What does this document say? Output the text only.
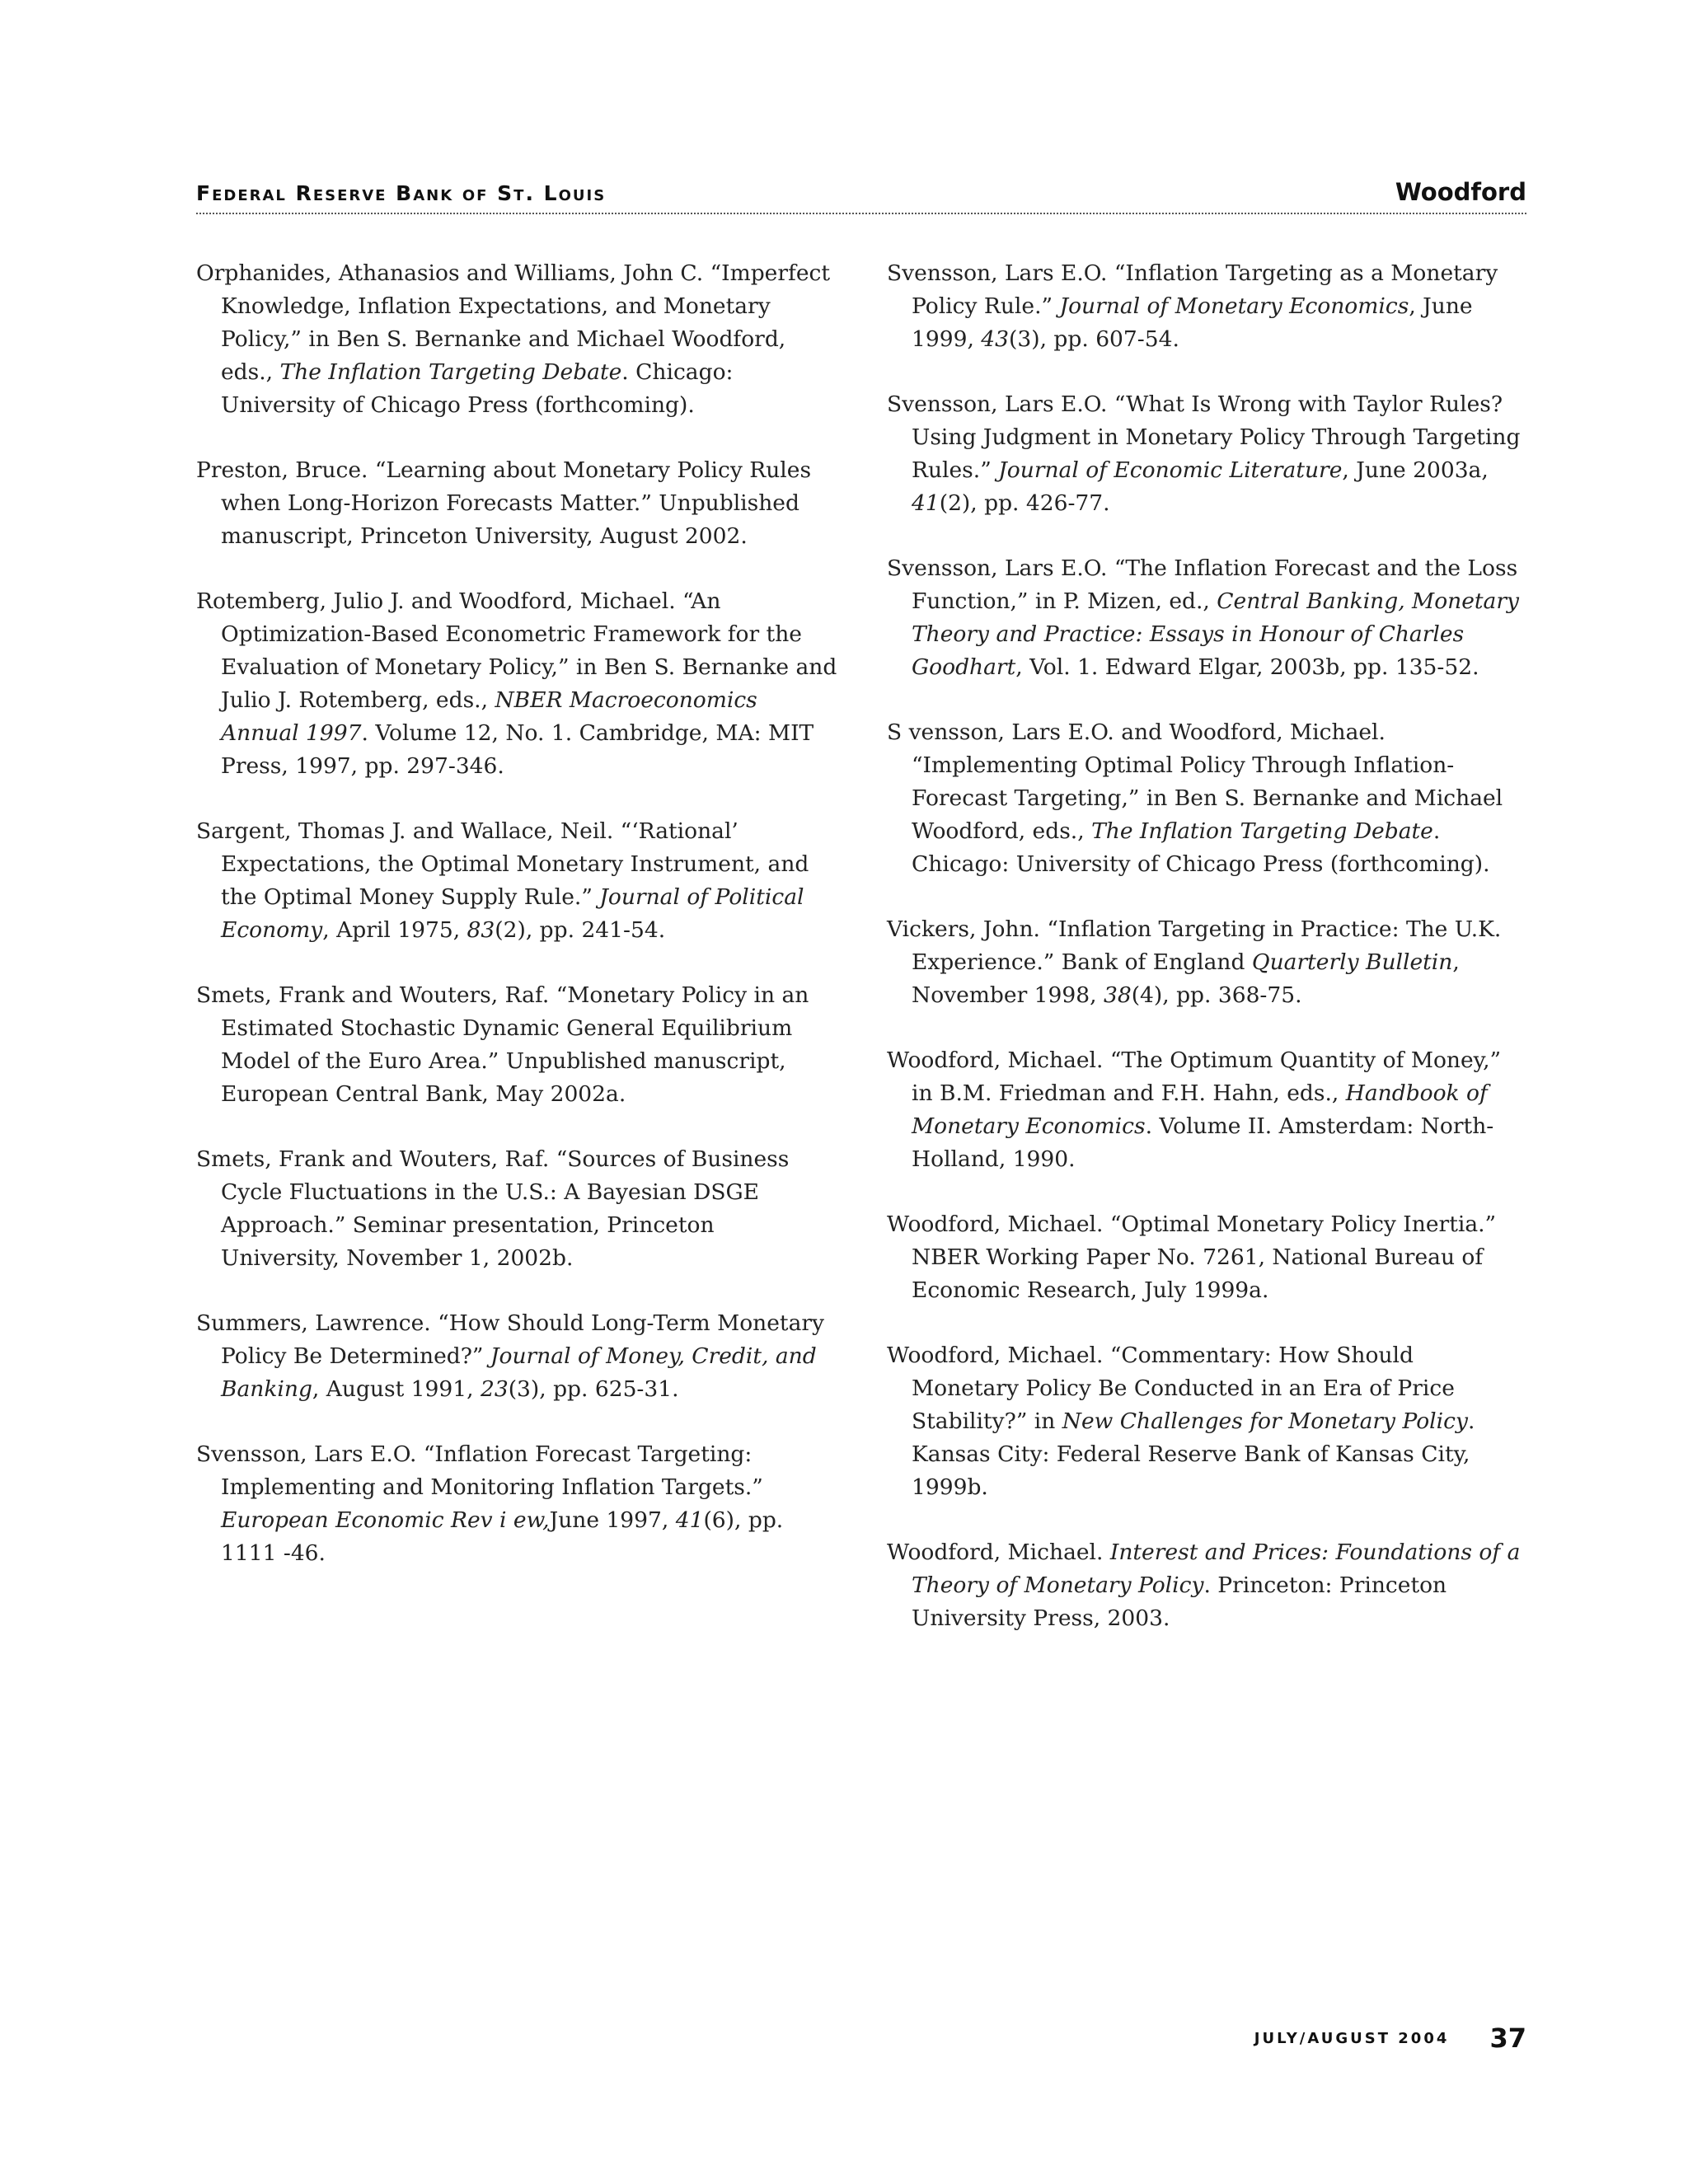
Federal Reserve Bank of St. Louis	Woodford

Orphanides, Athanasios and Williams, John C. “Imperfect Knowledge, Inflation Expectations, and Monetary Policy,” in Ben S. Bernanke and Michael Woodford, eds., The Inflation Targeting Debate. Chicago: University of Chicago Press (forthcoming).

Preston, Bruce. “Learning about Monetary Policy Rules when Long-Horizon Forecasts Matter.” Unpublished manuscript, Princeton University, August 2002.

Rotemberg, Julio J. and Woodford, Michael. “An Optimization-Based Econometric Framework for the Evaluation of Monetary Policy,” in Ben S. Bernanke and Julio J. Rotemberg, eds., NBER Macroeconomics Annual 1997. Volume 12, No. 1. Cambridge, MA: MIT Press, 1997, pp. 297-346.

Sargent, Thomas J. and Wallace, Neil. “‘Rational’ Expectations, the Optimal Monetary Instrument, and the Optimal Money Supply Rule.” Journal of Political Economy, April 1975, 83(2), pp. 241-54.

Smets, Frank and Wouters, Raf. “Monetary Policy in an Estimated Stochastic Dynamic General Equilibrium Model of the Euro Area.” Unpublished manuscript, European Central Bank, May 2002a.

Smets, Frank and Wouters, Raf. “Sources of Business Cycle Fluctuations in the U.S.: A Bayesian DSGE Approach.” Seminar presentation, Princeton University, November 1, 2002b.

Summers, Lawrence. “How Should Long-Term Monetary Policy Be Determined?” Journal of Money, Credit, and Banking, August 1991, 23(3), pp. 625-31.

Svensson, Lars E.O. “Inflation Forecast Targeting: Implementing and Monitoring Inflation Targets.” European Economic Rev i ew,June 1997, 41(6), pp. 1111 -46.

Svensson, Lars E.O. “Inflation Targeting as a Monetary Policy Rule.” Journal of Monetary Economics, June 1999, 43(3), pp. 607-54.

Svensson, Lars E.O. “What Is Wrong with Taylor Rules? Using Judgment in Monetary Policy Through Targeting Rules.” Journal of Economic Literature, June 2003a, 41(2), pp. 426-77.

Svensson, Lars E.O. “The Inflation Forecast and the Loss Function,” in P. Mizen, ed., Central Banking, Monetary Theory and Practice: Essays in Honour of Charles Goodhart, Vol. 1. Edward Elgar, 2003b, pp. 135-52.

S vensson, Lars E.O. and Woodford, Michael. “Implementing Optimal Policy Through Inflation-Forecast Targeting,” in Ben S. Bernanke and Michael Woodford, eds., The Inflation Targeting Debate. Chicago: University of Chicago Press (forthcoming).

Vickers, John. “Inflation Targeting in Practice: The U.K. Experience.” Bank of England Quarterly Bulletin, November 1998, 38(4), pp. 368-75.

Woodford, Michael. “The Optimum Quantity of Money,” in B.M. Friedman and F.H. Hahn, eds., Handbook of Monetary Economics. Volume II. Amsterdam: North-Holland, 1990.

Woodford, Michael. “Optimal Monetary Policy Inertia.” NBER Working Paper No. 7261, National Bureau of Economic Research, July 1999a.

Woodford, Michael. “Commentary: How Should Monetary Policy Be Conducted in an Era of Price Stability?” in New Challenges for Monetary Policy. Kansas City: Federal Reserve Bank of Kansas City, 1999b.

Woodford, Michael. Interest and Prices: Foundations of a Theory of Monetary Policy. Princeton: Princeton University Press, 2003.

JULY/AUGUST 2004 37
